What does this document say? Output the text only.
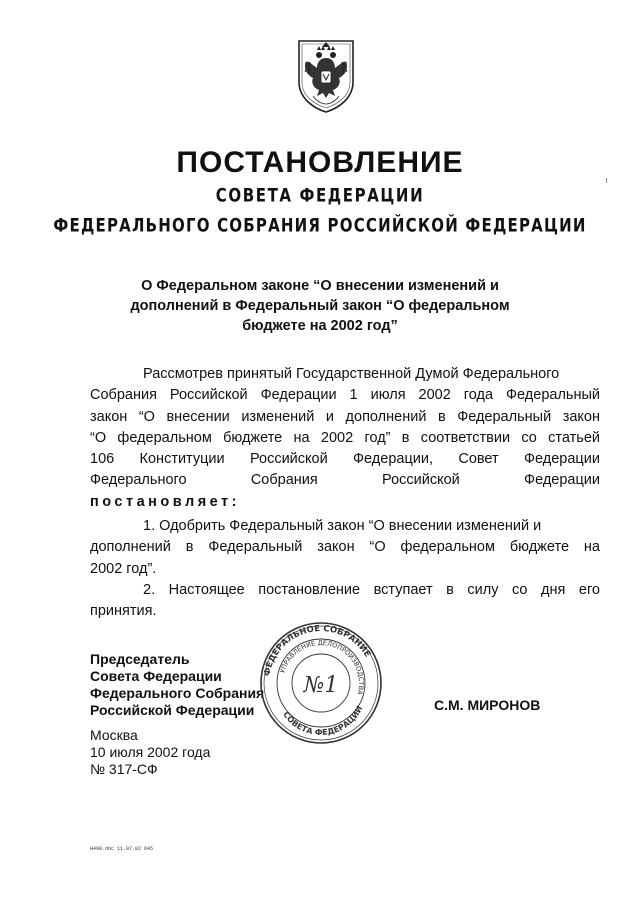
ПОСТАНОВЛЕНИЕ
СОВЕТА ФЕДЕРАЦИИ
ФЕДЕРАЛЬНОГО СОБРАНИЯ РОССИЙСКОЙ ФЕДЕРАЦИИ
О Федеральном законе “О внесении изменений и
дополнений в Федеральный закон “О федеральном
бюджете на 2002 год”
Рассмотрев принятый Государственной Думой Федерального
Собрания Российской Федерации 1 июля 2002 года Федеральный
закон “О внесении изменений и дополнений в Федеральный закон
“О федеральном бюджете на 2002 год” в соответствии со статьей
106 Конституции Российской Федерации, Совет Федерации
Федерального	Собрания	Российской	Федерации
постановляет:
1. Одобрить Федеральный закон “О внесении изменений и
дополнений в Федеральный закон “О федеральном бюджете на
2002 год”.
2. Настоящее постановление вступает в силу со дня его
принятия.
Председатель
Совета Федерации
Федерального Собрания
Российской Федерации	С.М. МИРОНОВ
ФЕДЕРАЛЬНОЕ СОБРАНИЕ
СОВЕТА ФЕДЕРАЦИИ
УПРАВЛЕНИЕ ДЕЛОПРОИЗВОДСТВА
№1
Москва
10 июля 2002 года
№ 317-СФ
H498.doc 11.07.02 645
